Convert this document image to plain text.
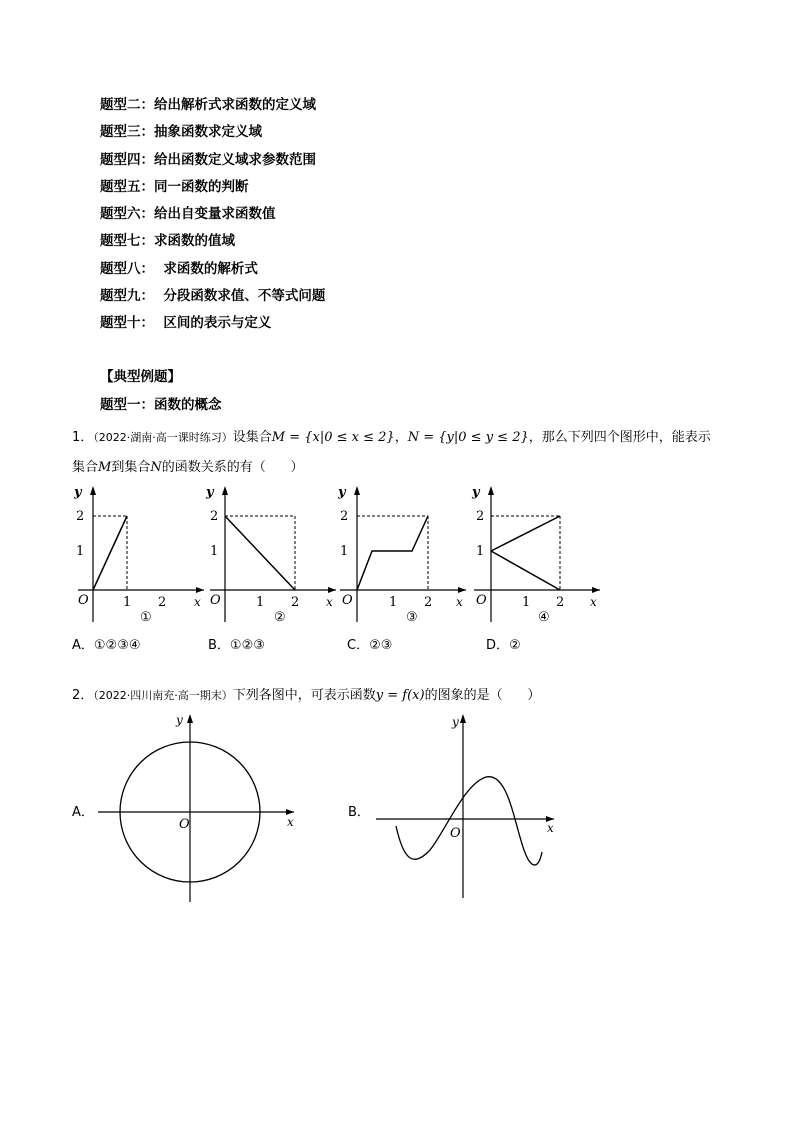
题型二：给出解析式求函数的定义域
题型三：抽象函数求定义域
题型四：给出函数定义域求参数范围
题型五：同一函数的判断
题型六：给出自变量求函数值
题型七：求函数的值域
题型八：  求函数的解析式
题型九：  分段函数求值、不等式问题
题型十：  区间的表示与定义
【典型例题】
题型一：函数的概念
1．（2022·湖南·高一课时练习）设集合M = {x|0 ≤ x ≤ 2}，N = {y|0 ≤ y ≤ 2}，那么下列四个图形中，能表示
集合M到集合N的函数关系的有（      ）
y
2
1
O	1 2 x
①
y
2
1
O	1 2 x
②
y
2
1
O	1 2 x
③
y
2
1
O	1 2 x
④
A．①②③④	B．①②③	C．②③	D．②
2．（2022·四川南充·高一期末）下列各图中，可表示函数y = f(x)的图象的是（      ）
A．
y
O	x
B．
y
O	x
